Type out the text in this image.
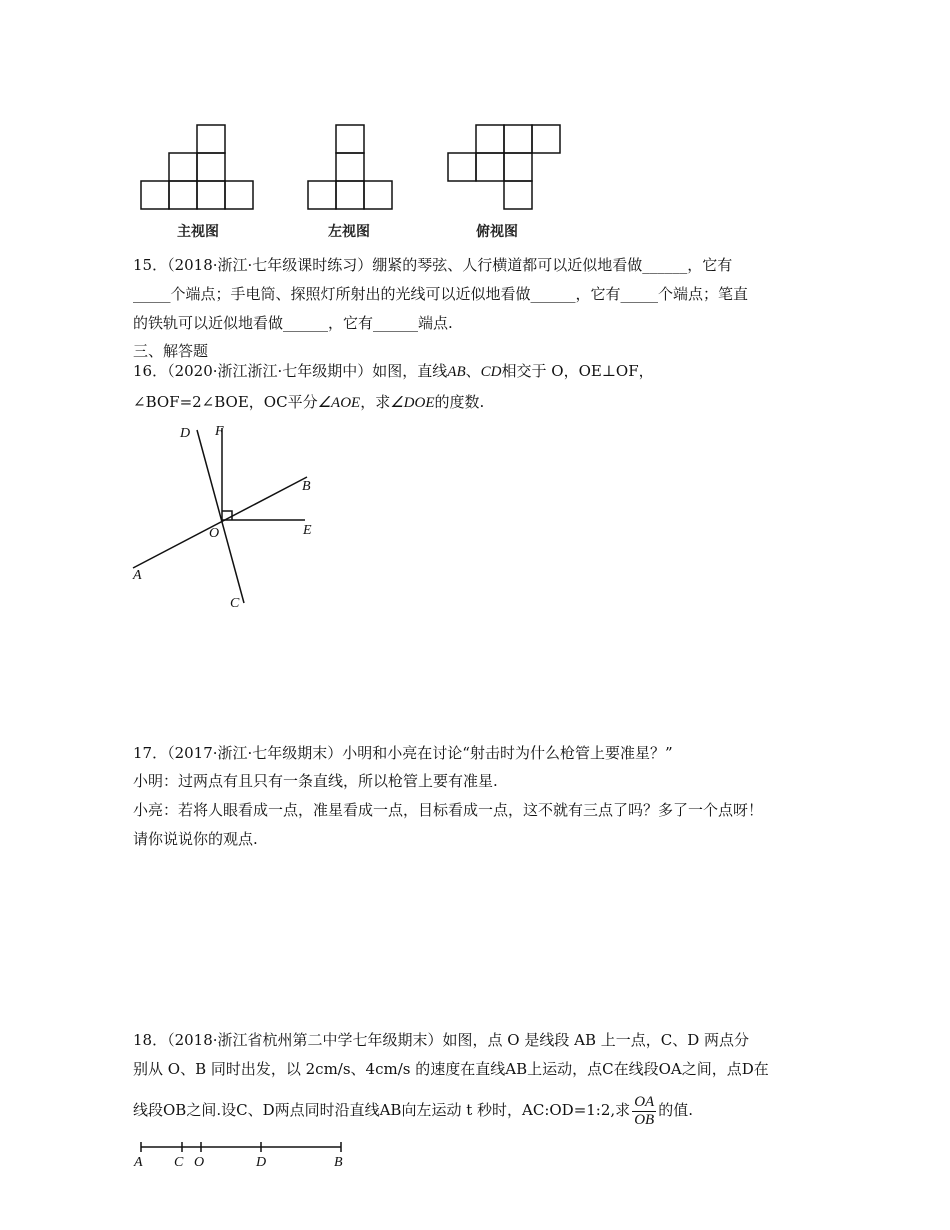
主视图	左视图	俯视图
15．（2018·浙江·七年级课时练习）绷紧的琴弦、人行横道都可以近似地看做______，它有
_____个端点；手电筒、探照灯所射出的光线可以近似地看做______，它有_____个端点；笔直
的铁轨可以近似地看做______，它有______端点.
三、解答题
16．（2020·浙江浙江·七年级期中）如图，直线AB、CD相交于 O，OE⊥OF，
∠BOF=2∠BOE，OC平分∠AOE，求∠DOE的度数.
D F
B
O	E
A
C
17．（2017·浙江·七年级期末）小明和小亮在讨论“射击时为什么枪管上要准星？”
小明：过两点有且只有一条直线，所以枪管上要有准星.
小亮：若将人眼看成一点，准星看成一点，目标看成一点，这不就有三点了吗？多了一个点呀！
请你说说你的观点.
18．（2018·浙江省杭州第二中学七年级期末）如图，点 O 是线段 AB 上一点，C、D 两点分
别从 O、B 同时出发，以 2cm/s、4cm/s 的速度在直线AB上运动，点C在线段OA之间，点D在
线段OB之间.设C、D两点同时沿直线AB向左运动 t 秒时，AC:OD=1:2,求 $\frac{OA}{OB}$ 的值.
A C O	D	B
